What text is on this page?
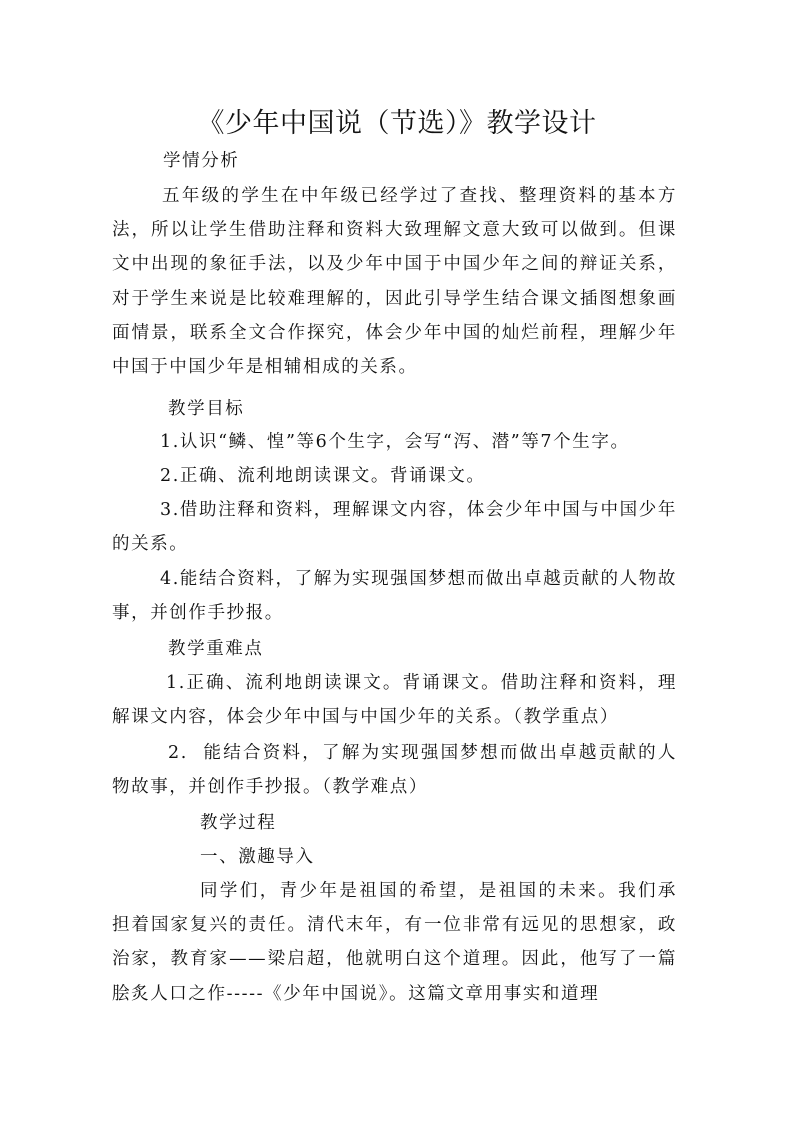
《少年中国说（节选）》教学设计
学情分析
五年级的学生在中年级已经学过了查找、整理资料的基本方法，所以让学生借助注释和资料大致理解文意大致可以做到。但课文中出现的象征手法，以及少年中国于中国少年之间的辩证关系，对于学生来说是比较难理解的，因此引导学生结合课文插图想象画面情景，联系全文合作探究，体会少年中国的灿烂前程，理解少年中国于中国少年是相辅相成的关系。
教学目标
1.认识“鳞、惶”等6个生字，会写“泻、潜”等7个生字。
2.正确、流利地朗读课文。背诵课文。
3.借助注释和资料，理解课文内容，体会少年中国与中国少年的关系。
4.能结合资料，了解为实现强国梦想而做出卓越贡献的人物故事，并创作手抄报。
教学重难点
1.正确、流利地朗读课文。背诵课文。借助注释和资料，理解课文内容，体会少年中国与中国少年的关系。（教学重点）
2.  能结合资料，了解为实现强国梦想而做出卓越贡献的人物故事，并创作手抄报。（教学难点）
教学过程
一、激趣导入
同学们，青少年是祖国的希望，是祖国的未来。我们承担着国家复兴的责任。清代末年，有一位非常有远见的思想家，政治家，教育家——梁启超，他就明白这个道理。因此，他写了一篇脍炙人口之作-----《少年中国说》。这篇文章用事实和道理
